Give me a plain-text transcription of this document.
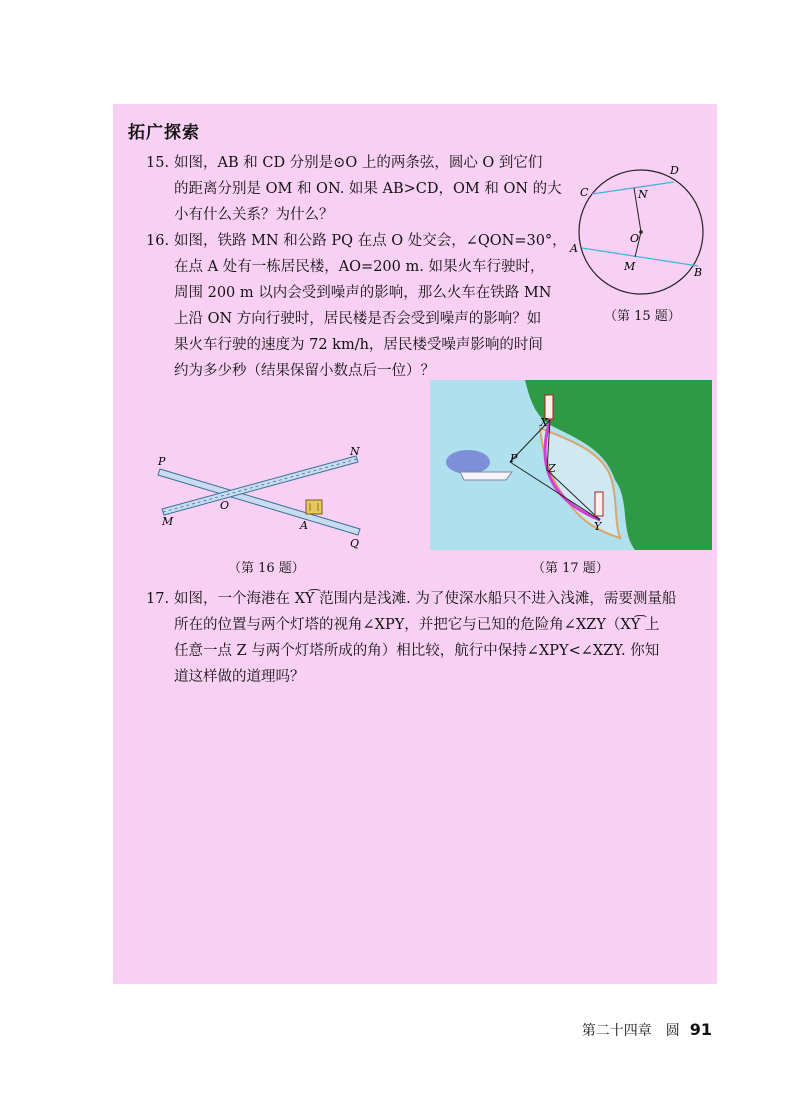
拓广探索
15. 如图，AB 和 CD 分别是⊙O 上的两条弦，圆心 O 到它们
的距离分别是 OM 和 ON. 如果 AB>CD，OM 和 ON 的大
小有什么关系？为什么？
16. 如图，铁路 MN 和公路 PQ 在点 O 处交会，∠QON=30°，
在点 A 处有一栋居民楼，AO=200 m. 如果火车行驶时，
周围 200 m 以内会受到噪声的影响，那么火车在铁路 MN
上沿 ON 方向行驶时，居民楼是否会受到噪声的影响？如
果火车行驶的速度为 72 km/h，居民楼受噪声影响的时间
约为多少秒（结果保留小数点后一位）？
D
C	N
O
A
M	B
（第 15 题）
P
N
O
M	A
Q
（第 16 题）
X
P
Z
Y
（第 17 题）
17. 如图，一个海港在 XY͡ 范围内是浅滩. 为了使深水船只不进入浅滩，需要测量船
所在的位置与两个灯塔的视角∠XPY，并把它与已知的危险角∠XZY（XY͡ 上
任意一点 Z 与两个灯塔所成的角）相比较，航行中保持∠XPY<∠XZY. 你知
道这样做的道理吗？
第二十四章　圆 91
